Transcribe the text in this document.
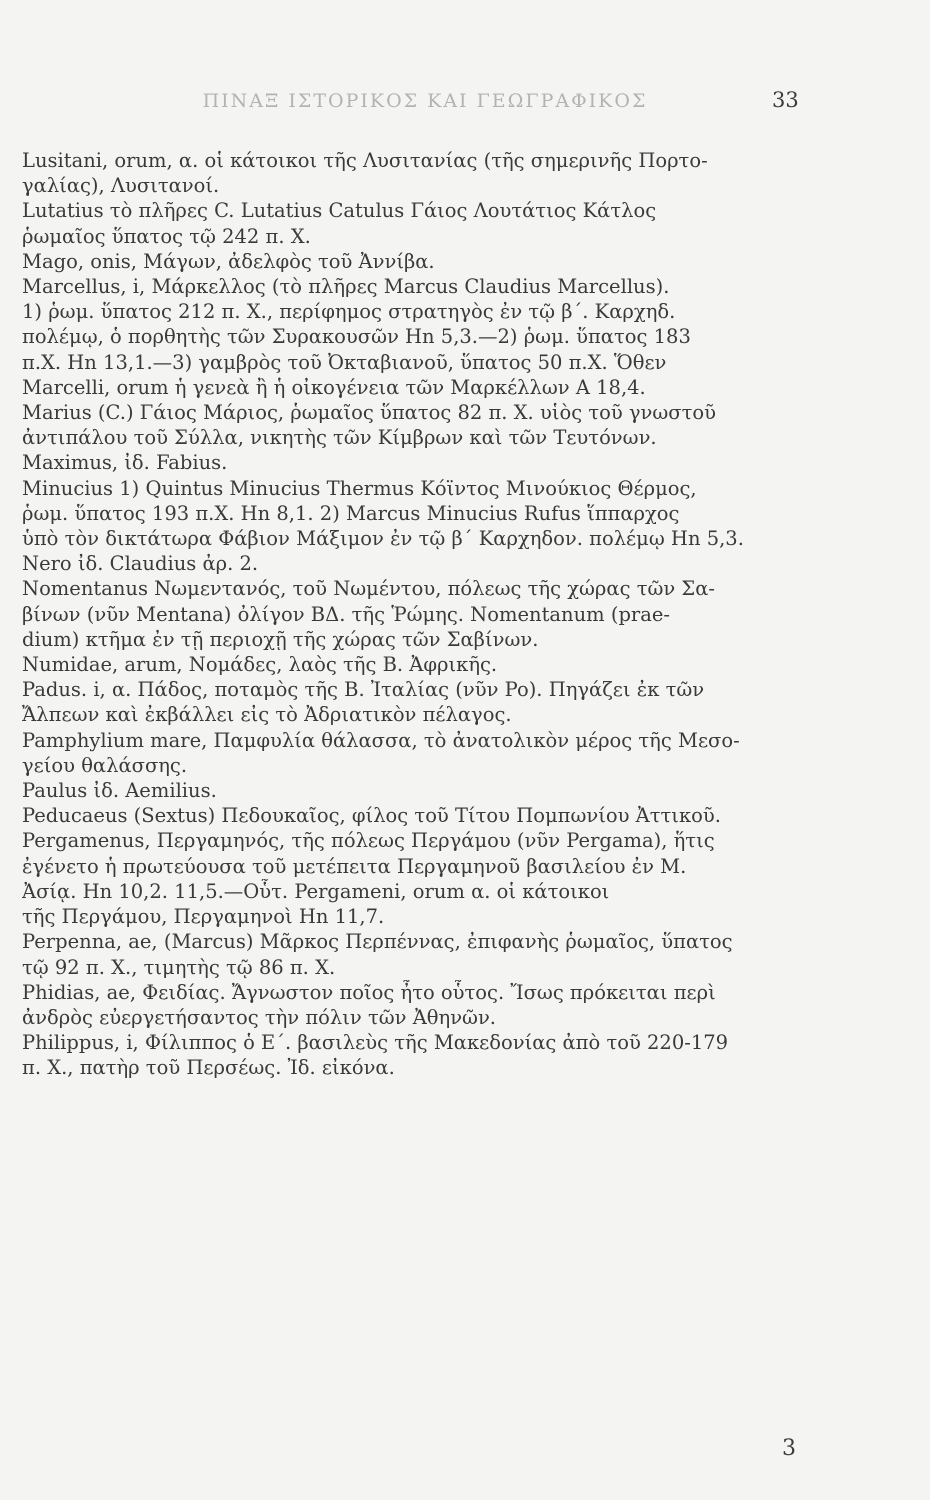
ΠΙΝΑΞ ΙΣΤΟΡΙΚΟΣ ΚΑΙ ΓΕΩΓΡΑΦΙΚΟΣ	33
Lusitani, orum, α. οἱ κάτοικοι τῆς Λυσιτανίας (τῆς σημερινῆς Πορτο-
γαλίας), Λυσιτανοί.
Lutatius τὸ πλῆρες C. Lutatius Catulus Γάιος Λουτάτιος Κάτλος
ῥωμαῖος ὕπατος τῷ 242 π. Χ.
Mago, onis, Μάγων, ἀδελφὸς τοῦ Ἀννίβα.
Marcellus, i, Μάρκελλος (τὸ πλῆρες Marcus Claudius Marcellus).
1) ῥωμ. ὕπατος 212 π. Χ., περίφημος στρατηγὸς ἐν τῷ β΄. Καρχηδ.
πολέμῳ, ὁ πορθητὴς τῶν Συρακουσῶν Ηn 5,3.—2) ῥωμ. ὕπατος 183
π.Χ. Ηn 13,1.—3) γαμβρὸς τοῦ Ὀκταβιανοῦ, ὕπατος 50 π.Χ. Ὅθεν
Marcelli, orum ἡ γενεὰ ἢ ἡ οἰκογένεια τῶν Μαρκέλλων Α 18,4.
Marius (C.) Γάιος Μάριος, ῥωμαῖος ὕπατος 82 π. Χ. υἱὸς τοῦ γνωστοῦ
ἀντιπάλου τοῦ Σύλλα, νικητὴς τῶν Κίμβρων καὶ τῶν Τευτόνων.
Maximus, ἰδ. Fabius.
Minucius 1) Quintus Minucius Thermus Κόϊντος Μινούκιος Θέρμος,
ῥωμ. ὕπατος 193 π.Χ. Ηn 8,1. 2) Marcus Minucius Rufus ἵππαρχος
ὑπὸ τὸν δικτάτωρα Φάβιον Μάξιμον ἐν τῷ β΄ Καρχηδον. πολέμῳ Ηn 5,3.
Nero ἰδ. Claudius ἀρ. 2.
Nomentanus Νωμεντανός, τοῦ Νωμέντου, πόλεως τῆς χώρας τῶν Σα-
βίνων (νῦν Mentana) ὀλίγον ΒΔ. τῆς Ῥώμης. Nomentanum (prae-
dium) κτῆμα ἐν τῇ περιοχῇ τῆς χώρας τῶν Σαβίνων.
Numidae, arum, Νομάδες, λαὸς τῆς Β. Ἀφρικῆς.
Padus. i, α. Πάδος, ποταμὸς τῆς Β. Ἰταλίας (νῦν Po). Πηγάζει ἐκ τῶν
Ἄλπεων καὶ ἐκβάλλει εἰς τὸ Ἀδριατικὸν πέλαγος.
Pamphylium mare, Παμφυλία θάλασσα, τὸ ἀνατολικὸν μέρος τῆς Μεσο-
γείου θαλάσσης.
Paulus ἰδ. Aemilius.
Peducaeus (Sextus) Πεδουκαῖος, φίλος τοῦ Τίτου Πομπωνίου Ἀττικοῦ.
Pergamenus, Περγαμηνός, τῆς πόλεως Περγάμου (νῦν Pergama), ἥτις
ἐγένετο ἡ πρωτεύουσα τοῦ μετέπειτα Περγαμηνοῦ βασιλείου ἐν Μ.
Ἀσίᾳ. Ηn 10,2. 11,5.—Οὗτ. Pergameni, orum α. οἱ κάτοικοι
τῆς Περγάμου, Περγαμηνοὶ Ηn 11,7.
Perpenna, ae, (Marcus) Μᾶρκος Περπέννας, ἐπιφανὴς ῥωμαῖος, ὕπατος
τῷ 92 π. Χ., τιμητὴς τῷ 86 π. Χ.
Phidias, ae, Φειδίας. Ἄγνωστον ποῖος ἦτο οὗτος. Ἴσως πρόκειται περὶ
ἀνδρὸς εὐεργετήσαντος τὴν πόλιν τῶν Ἀθηνῶν.
Philippus, i, Φίλιππος ὁ Ε΄. βασιλεὺς τῆς Μακεδονίας ἀπὸ τοῦ 220-179
π. Χ., πατὴρ τοῦ Περσέως. Ἰδ. εἰκόνα.
3
